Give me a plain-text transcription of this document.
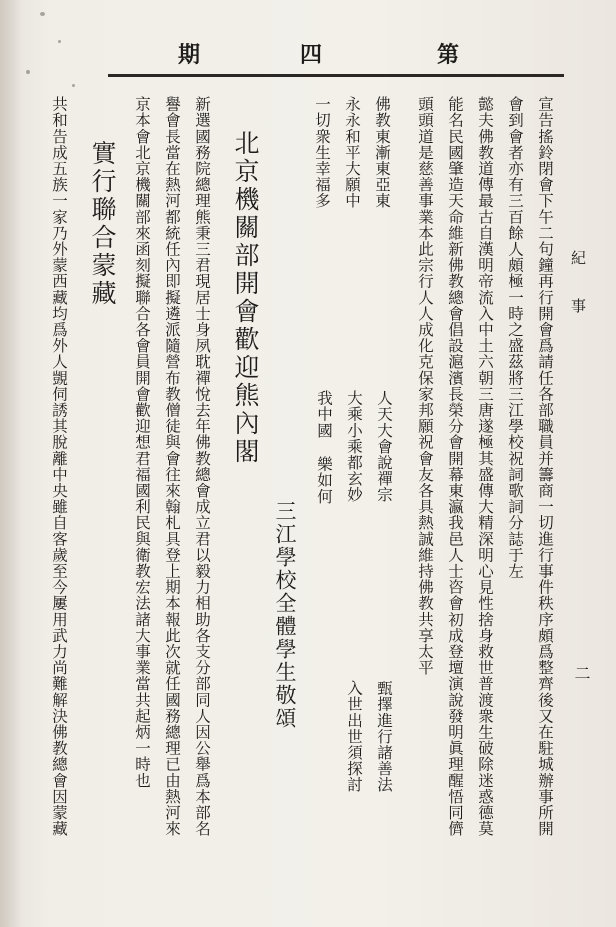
第
四
期
紀 事
二
宣告搖鈴閉會下午二句鐘再行開會爲請任各部職員并籌商一切進行事件秩序頗爲整齊後又在駐城辦事所開
會到會者亦有三百餘人頗極一時之盛茲將三江學校祝詞歌詞分誌于左
懿夫佛教道傳最古自漢明帝流入中土六朝三唐遂極其盛傳大精深明心見性捨身救世普渡衆生破除迷惑德莫
能名民國肇造天命維新佛教總會倡設滬濱長榮分會開幕東瀛我邑人士咨會初成登壇演說發明眞理醒悟同儕
頭頭道是慈善事業本此宗行人人成化克保家邦願祝會友各具熱誠維持佛教共享太平
佛教東漸東亞東
永永和平大願中
一切衆生幸福多
人天大會說禪宗
甄擇進行諸善法
大乘小乘都玄妙
入世出世須探討
我中國
樂如何
三江學校全體學生敬頌
北京機關部開會歡迎熊內閣
新選國務院總理熊秉三君現居士身夙耽禪悅去年佛教總會成立君以毅力相助各支分部同人因公舉爲本部名
譽會長當在熱河都統任內即擬遴派隨營布教僧徒與會往來翰札具登上期本報此次就任國務總理已由熱河來
京本會北京機關部來函刻擬聯合各會員開會歡迎想君福國利民與衛教宏法諸大事業當共起炳一時也
實行聯合蒙藏
共和告成五族一家乃外蒙西藏均爲外人覬伺誘其脫離中央雖自客歲至今屢用武力尚難解決佛教總會因蒙藏
